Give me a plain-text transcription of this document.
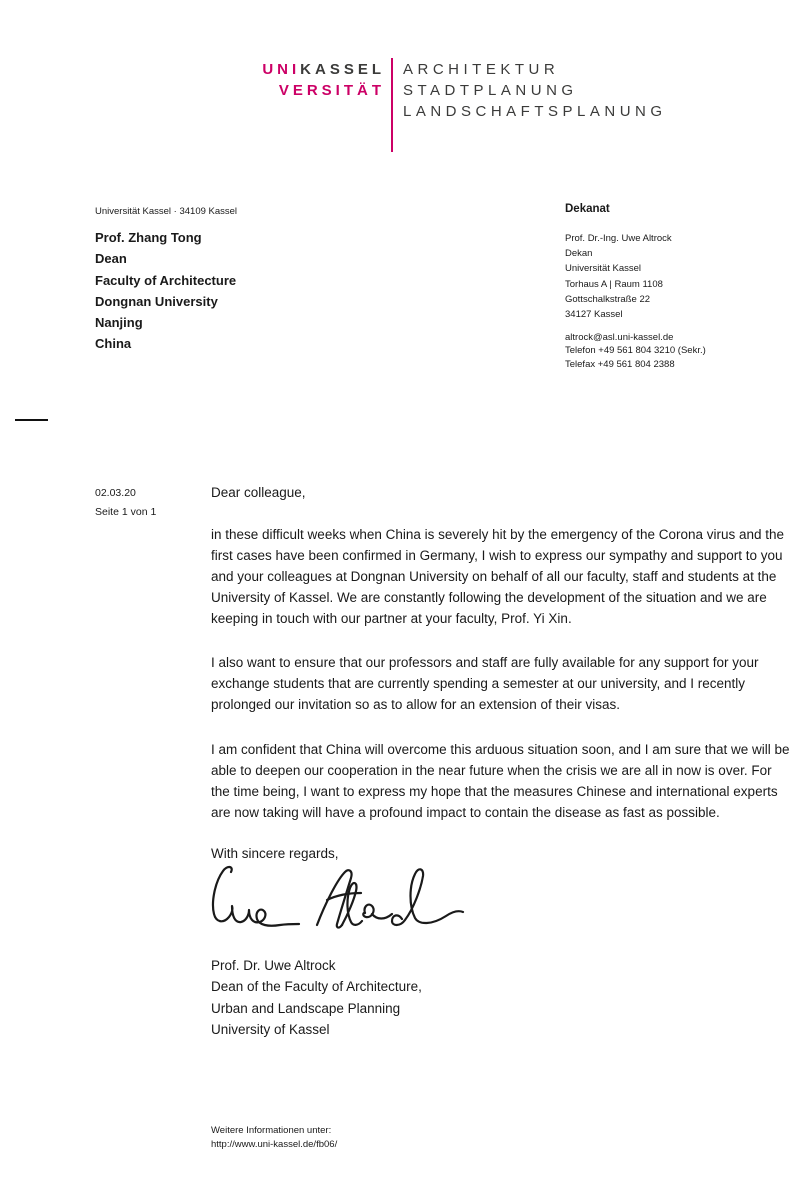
UNIKASSEL
VERSITÄT
ARCHITEKTUR
STADTPLANUNG
LANDSCHAFTSPLANUNG
Universität Kassel · 34109 Kassel
Prof. Zhang Tong
Dean
Faculty of Architecture
Dongnan University
Nanjing
China
Dekanat
Prof. Dr.-Ing. Uwe Altrock
Dekan
Universität Kassel
Torhaus A | Raum 1108
Gottschalkstraße 22
34127 Kassel
altrock@asl.uni-kassel.de
Telefon +49 561 804 3210 (Sekr.)
Telefax +49 561 804 2388
02.03.20
Seite 1 von 1
Dear colleague,
in these difficult weeks when China is severely hit by the emergency of the Corona virus and the first cases have been confirmed in Germany, I wish to express our sympathy and support to you and your colleagues at Dongnan University on behalf of all our faculty, staff and students at the University of Kassel. We are constantly following the development of the situation and we are keeping in touch with our partner at your faculty, Prof. Yi Xin.
I also want to ensure that our professors and staff are fully available for any support for your exchange students that are currently spending a semester at our university, and I recently prolonged our invitation so as to allow for an extension of their visas.
I am confident that China will overcome this arduous situation soon, and I am sure that we will be able to deepen our cooperation in the near future when the crisis we are all in now is over. For the time being, I want to express my hope that the measures Chinese and international experts are now taking will have a profound impact to contain the disease as fast as possible.
With sincere regards,
Prof. Dr. Uwe Altrock
Dean of the Faculty of Architecture,
Urban and Landscape Planning
University of Kassel
Weitere Informationen unter:
http://www.uni-kassel.de/fb06/
